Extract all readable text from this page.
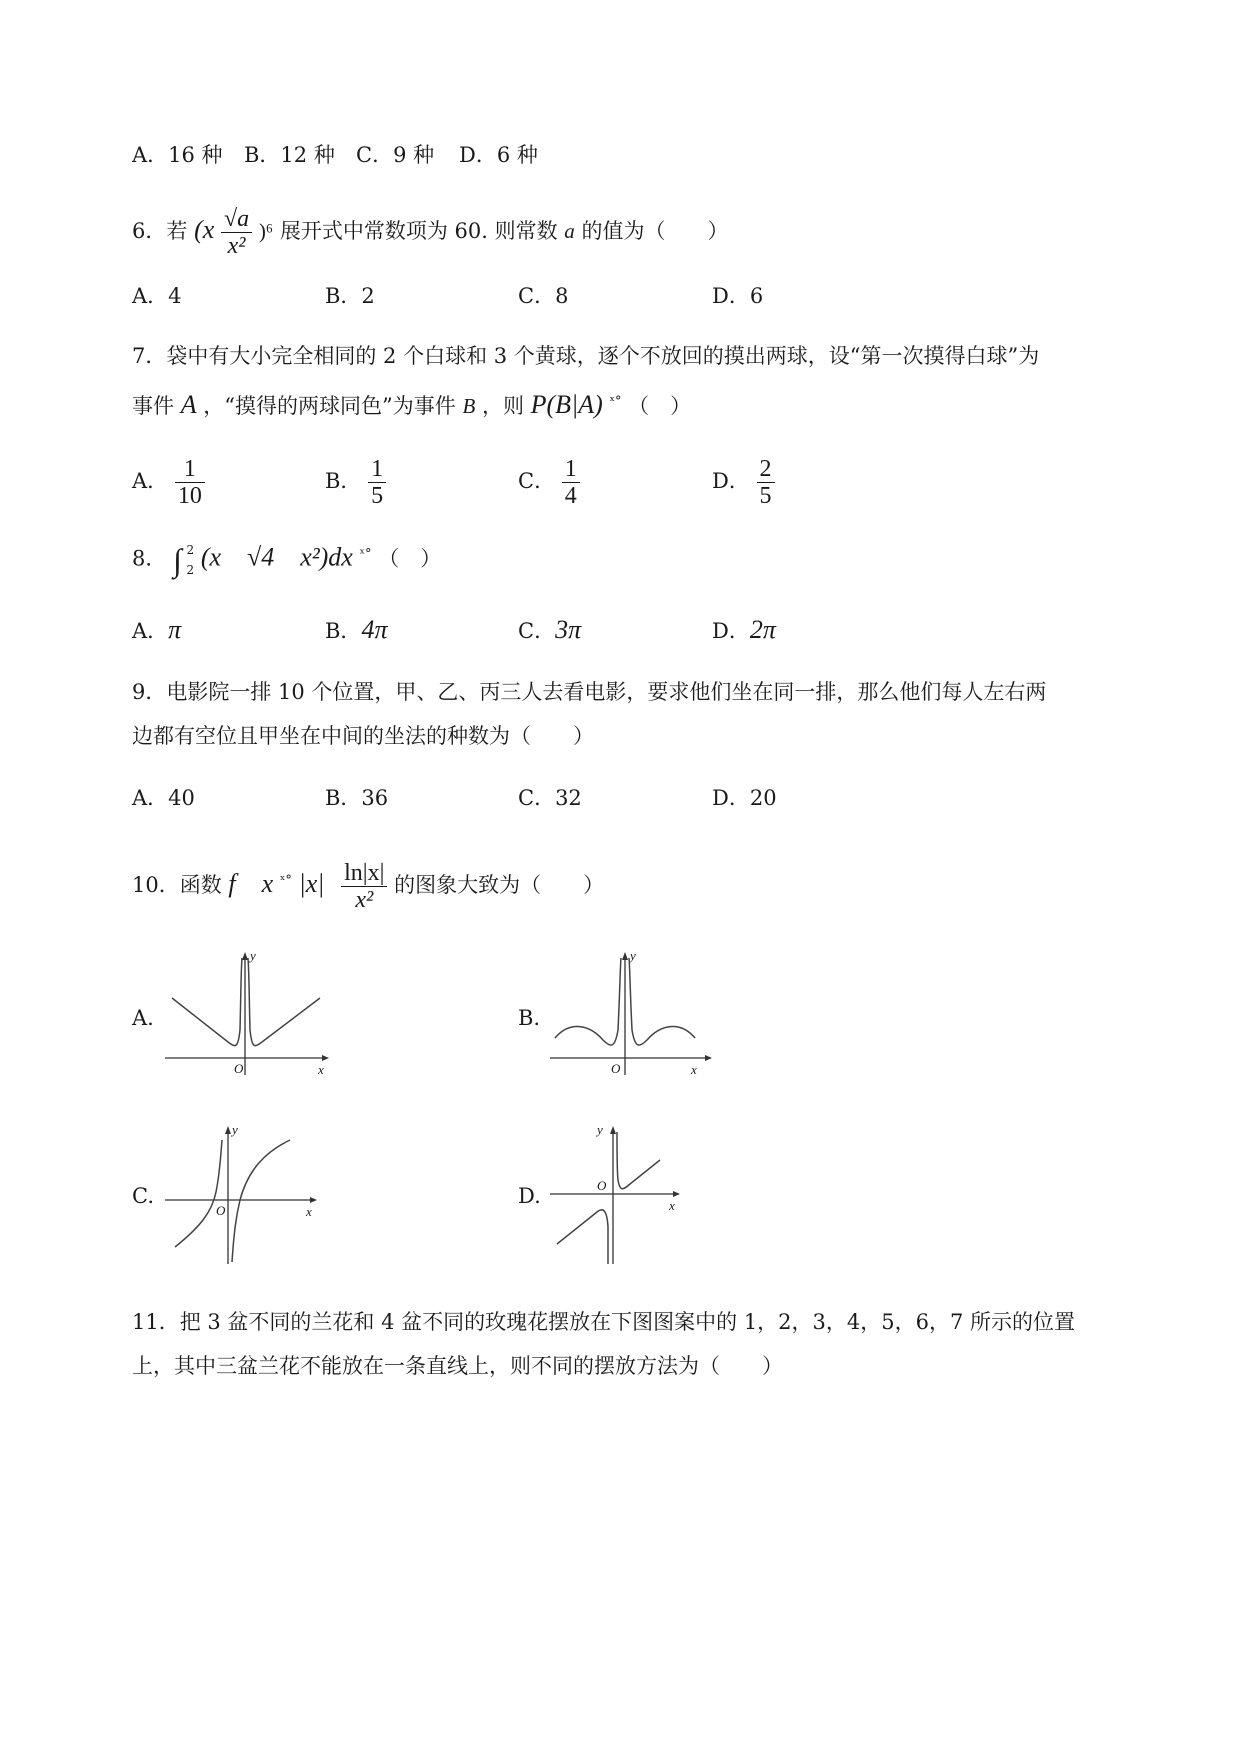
A．16 种 B．12 种 C．9 种 D．6 种
6．若 $(x \frac{√a}{\text{x²}} )^6$ 展开式中常数项为 60. 则常数 a 的值为（　　）
A．4	B．2	C．8	D．6
7．袋中有大小完全相同的 2 个白球和 3 个黄球，逐个不放回的摸出两球，设“第一次摸得白球”为
事件 A ，“摸得的两球同色”为事件 B ，则 P(B|A) $^{ˣ^\circ}$ （　）
A． $\frac{1}{10}$	B． $\frac{1}{5}$	C． $\frac{1}{4}$	D． $\frac{2}{5}$
8． ∫ 2
2 (x　√4　x²)dx $^{ˣ^\circ}$ （　）
A．π	B．4π	C．3π	D．2π
9．电影院一排 10 个位置，甲、乙、丙三人去看电影，要求他们坐在同一排，那么他们每人左右两
边都有空位且甲坐在中间的坐法的种数为（　　）
A．40	B．36	C．32	D．20
10．函数 f　x $^{ˣ^\circ}$ $|x| \frac{\ln|x|}{\text{x²}}$ 的图象大致为（　　）
A.	B.
C.	D.
y
x
O
y
x
O
y
x
O
y
x
O
11．把 3 盆不同的兰花和 4 盆不同的玫瑰花摆放在下图图案中的 1，2，3，4，5，6，7 所示的位置
上，其中三盆兰花不能放在一条直线上，则不同的摆放方法为（　　）
